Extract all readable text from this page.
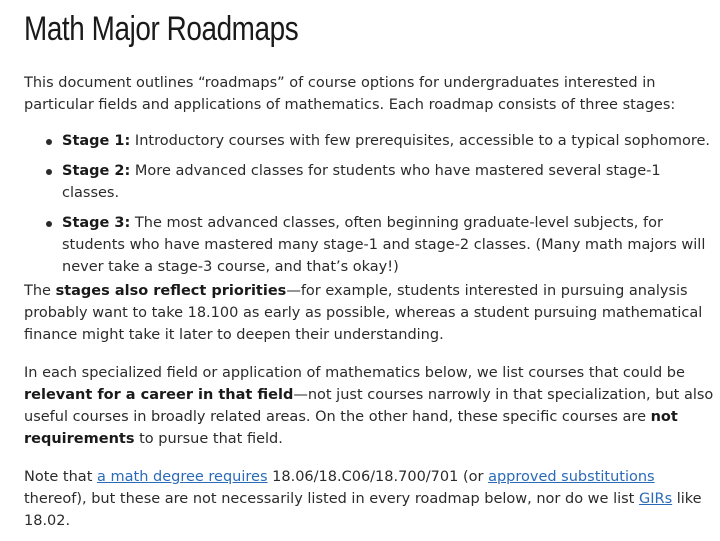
Math Major Roadmaps

This document outlines “roadmaps” of course options for undergraduates interested in particular fields and applications of mathematics. Each roadmap consists of three stages:

Stage 1: Introductory courses with few prerequisites, accessible to a typical sophomore.
Stage 2: More advanced classes for students who have mastered several stage-1 classes.
Stage 3: The most advanced classes, often beginning graduate-level subjects, for students who have mastered many stage-1 and stage-2 classes. (Many math majors will never take a stage-3 course, and that’s okay!)

The stages also reflect priorities—for example, students interested in pursuing analysis probably want to take 18.100 as early as possible, whereas a student pursuing mathematical finance might take it later to deepen their understanding.

In each specialized field or application of mathematics below, we list courses that could be relevant for a career in that field—not just courses narrowly in that specialization, but also useful courses in broadly related areas. On the other hand, these specific courses are not requirements to pursue that field.

Note that a math degree requires 18.06/18.C06/18.700/701 (or approved substitutions thereof), but these are not necessarily listed in every roadmap below, nor do we list GIRs like 18.02.
